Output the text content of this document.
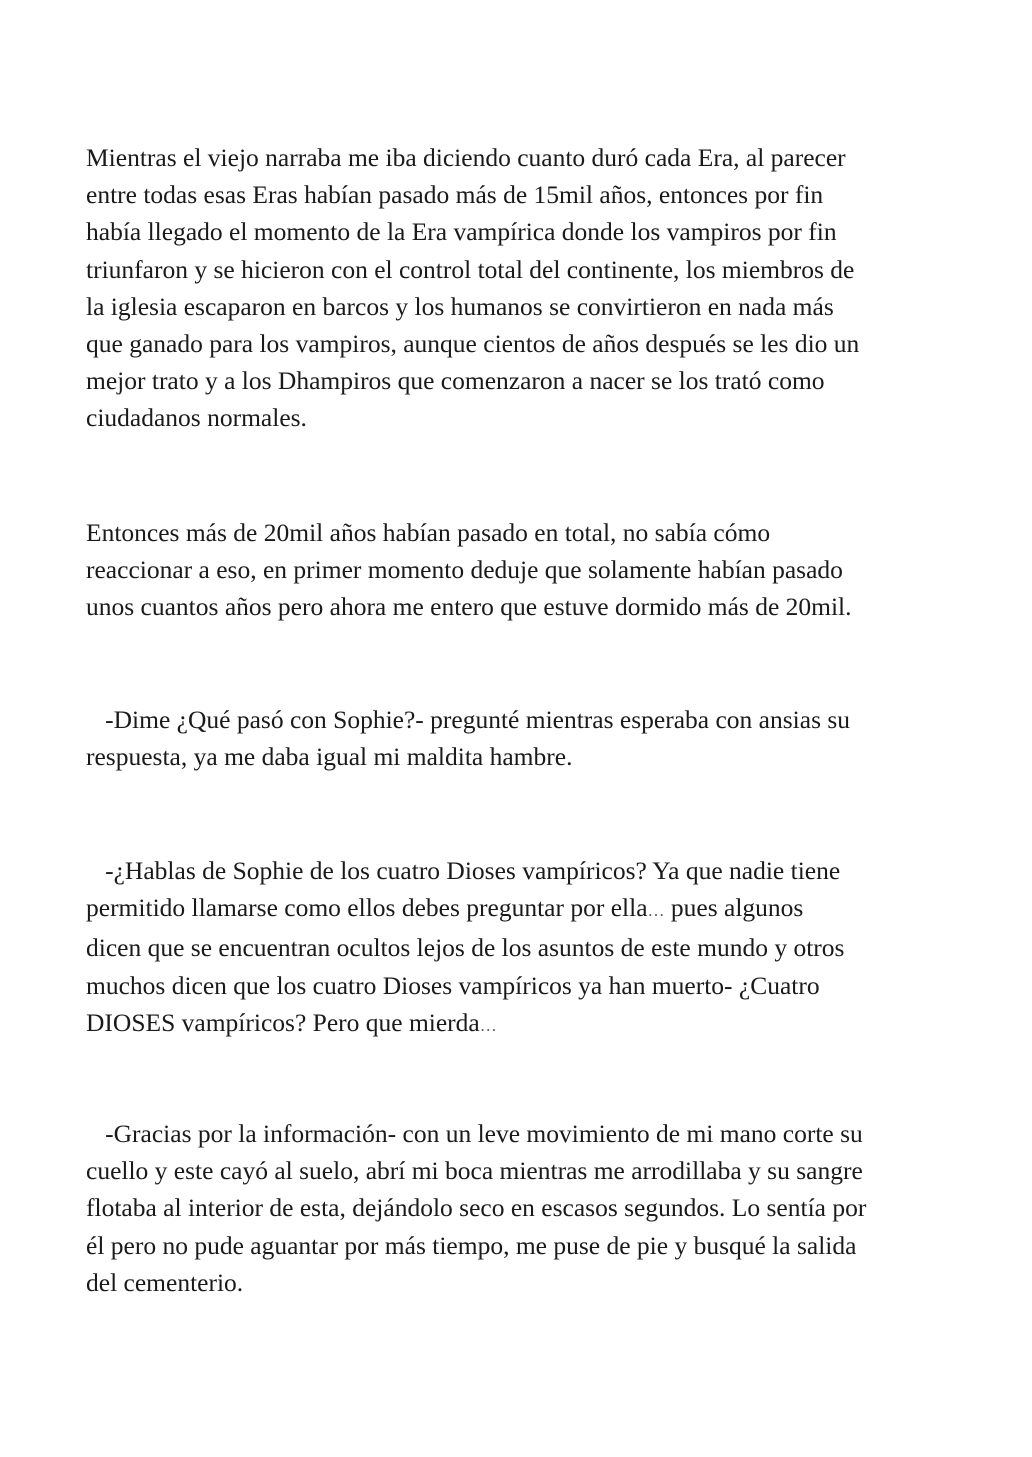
Mientras el viejo narraba me iba diciendo cuanto duró cada Era, al parecer
entre todas esas Eras habían pasado más de 15mil años, entonces por fin
había llegado el momento de la Era vampírica donde los vampiros por fin
triunfaron y se hicieron con el control total del continente, los miembros de
la iglesia escaparon en barcos y los humanos se convirtieron en nada más
que ganado para los vampiros, aunque cientos de años después se les dio un
mejor trato y a los Dhampiros que comenzaron a nacer se los trató como
ciudadanos normales.
Entonces más de 20mil años habían pasado en total, no sabía cómo
reaccionar a eso, en primer momento deduje que solamente habían pasado
unos cuantos años pero ahora me entero que estuve dormido más de 20mil.
-Dime ¿Qué pasó con Sophie?- pregunté mientras esperaba con ansias su
respuesta, ya me daba igual mi maldita hambre.
-¿Hablas de Sophie de los cuatro Dioses vampíricos? Ya que nadie tiene
permitido llamarse como ellos debes preguntar por ella… pues algunos
dicen que se encuentran ocultos lejos de los asuntos de este mundo y otros
muchos dicen que los cuatro Dioses vampíricos ya han muerto- ¿Cuatro
DIOSES vampíricos? Pero que mierda…
-Gracias por la información- con un leve movimiento de mi mano corte su
cuello y este cayó al suelo, abrí mi boca mientras me arrodillaba y su sangre
flotaba al interior de esta, dejándolo seco en escasos segundos. Lo sentía por
él pero no pude aguantar por más tiempo, me puse de pie y busqué la salida
del cementerio.
